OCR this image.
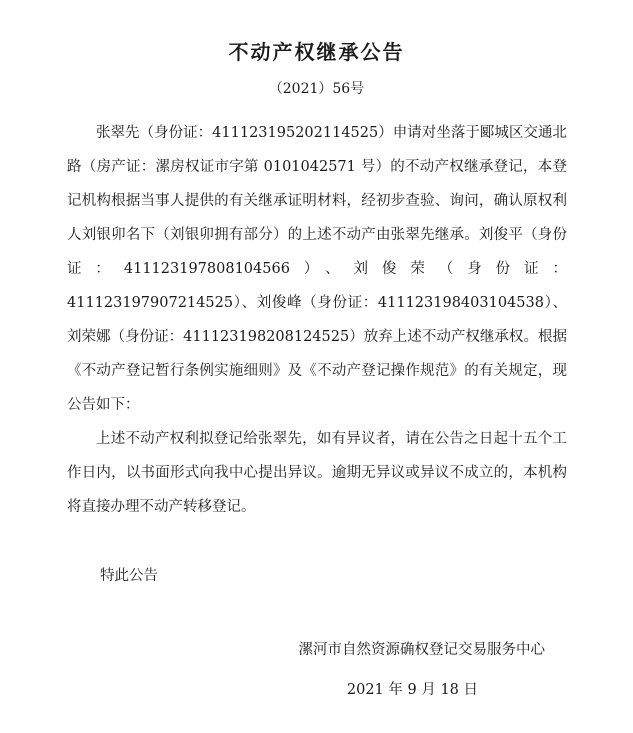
不动产权继承公告
（2021）56号

张翠先（身份证：411123195202114525）申请对坐落于郾城区交通北路（房产证：漯房权证市字第 0101042571 号）的不动产权继承登记，本登记机构根据当事人提供的有关继承证明材料，经初步查验、询问，确认原权利人刘银卯名下（刘银卯拥有部分）的上述不动产由张翠先继承。刘俊平（身份证：411123197808104566）、刘俊荣（身份证：411123197907214525）、刘俊峰（身份证：411123198403104538）、刘荣娜（身份证：411123198208124525）放弃上述不动产权继承权。根据《不动产登记暂行条例实施细则》及《不动产登记操作规范》的有关规定，现公告如下：

上述不动产权利拟登记给张翠先，如有异议者，请在公告之日起十五个工作日内，以书面形式向我中心提出异议。逾期无异议或异议不成立的，本机构将直接办理不动产转移登记。

特此公告
漯河市自然资源确权登记交易服务中心
2021 年 9 月 18 日
